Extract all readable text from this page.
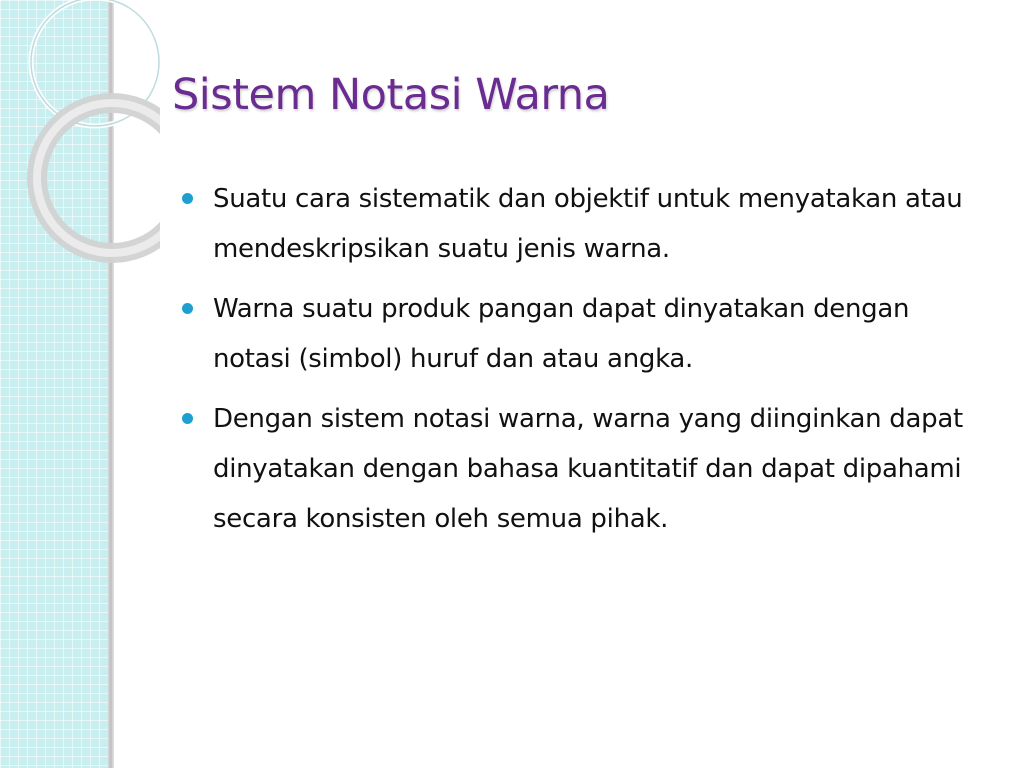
Sistem Notasi Warna
Suatu cara sistematik dan objektif untuk menyatakan atau mendeskripsikan suatu jenis warna.
Warna suatu produk pangan dapat dinyatakan dengan notasi (simbol) huruf dan atau angka.
Dengan sistem notasi warna, warna yang diinginkan dapat dinyatakan dengan bahasa kuantitatif dan dapat dipahami secara konsisten oleh semua pihak.
